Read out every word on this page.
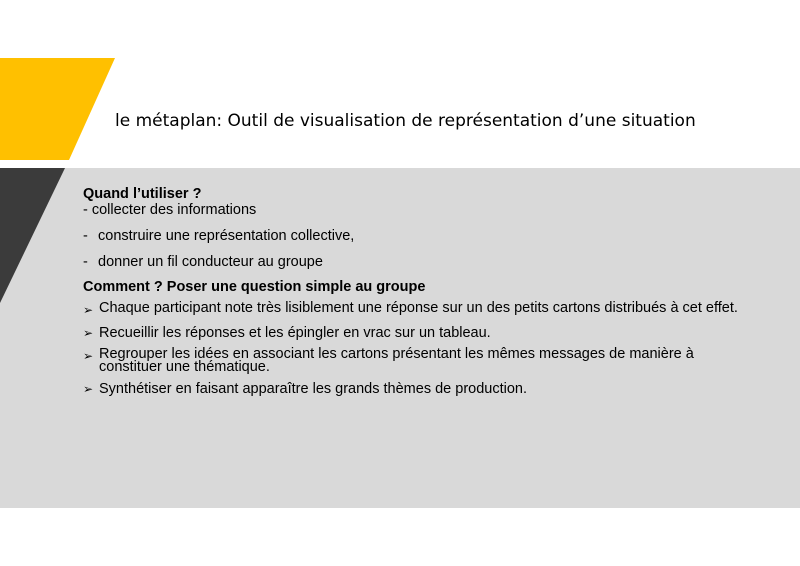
le métaplan: Outil de visualisation de représentation d’une situation
Quand l’utiliser ?
- collecter des informations
- construire une représentation collective,
- donner un fil conducteur au groupe
Comment ? Poser une question simple au groupe
➢ Chaque participant note très lisiblement une réponse sur un des petits cartons distribués à cet effet.
➢ Recueillir les réponses et les épingler en vrac sur un tableau.
➢ Regrouper les idées en associant les cartons présentant les mêmes messages de manière à constituer une thématique.
➢ Synthétiser en faisant apparaître les grands thèmes de production.
